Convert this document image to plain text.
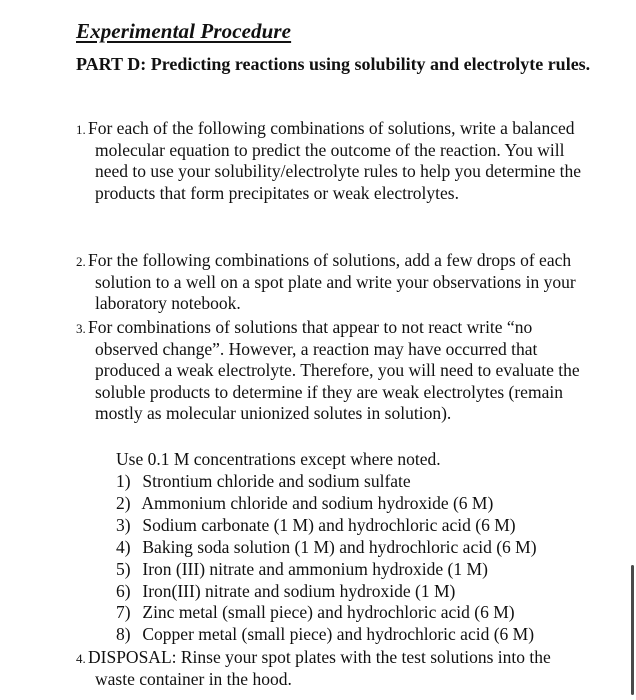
Experimental Procedure
PART D: Predicting reactions using solubility and electrolyte rules.
1. For each of the following combinations of solutions, write a balanced molecular equation to predict the outcome of the reaction. You will need to use your solubility/electrolyte rules to help you determine the products that form precipitates or weak electrolytes.
2. For the following combinations of solutions, add a few drops of each solution to a well on a spot plate and write your observations in your laboratory notebook.
3. For combinations of solutions that appear to not react write “no observed change”. However, a reaction may have occurred that produced a weak electrolyte. Therefore, you will need to evaluate the soluble products to determine if they are weak electrolytes (remain mostly as molecular unionized solutes in solution).
Use 0.1 M concentrations except where noted.
1) Strontium chloride and sodium sulfate
2) Ammonium chloride and sodium hydroxide (6 M)
3) Sodium carbonate (1 M) and hydrochloric acid (6 M)
4) Baking soda solution (1 M) and hydrochloric acid (6 M)
5) Iron (III) nitrate and ammonium hydroxide (1 M)
6) Iron(III) nitrate and sodium hydroxide (1 M)
7) Zinc metal (small piece) and hydrochloric acid (6 M)
8) Copper metal (small piece) and hydrochloric acid (6 M)
4. DISPOSAL: Rinse your spot plates with the test solutions into the waste container in the hood.
